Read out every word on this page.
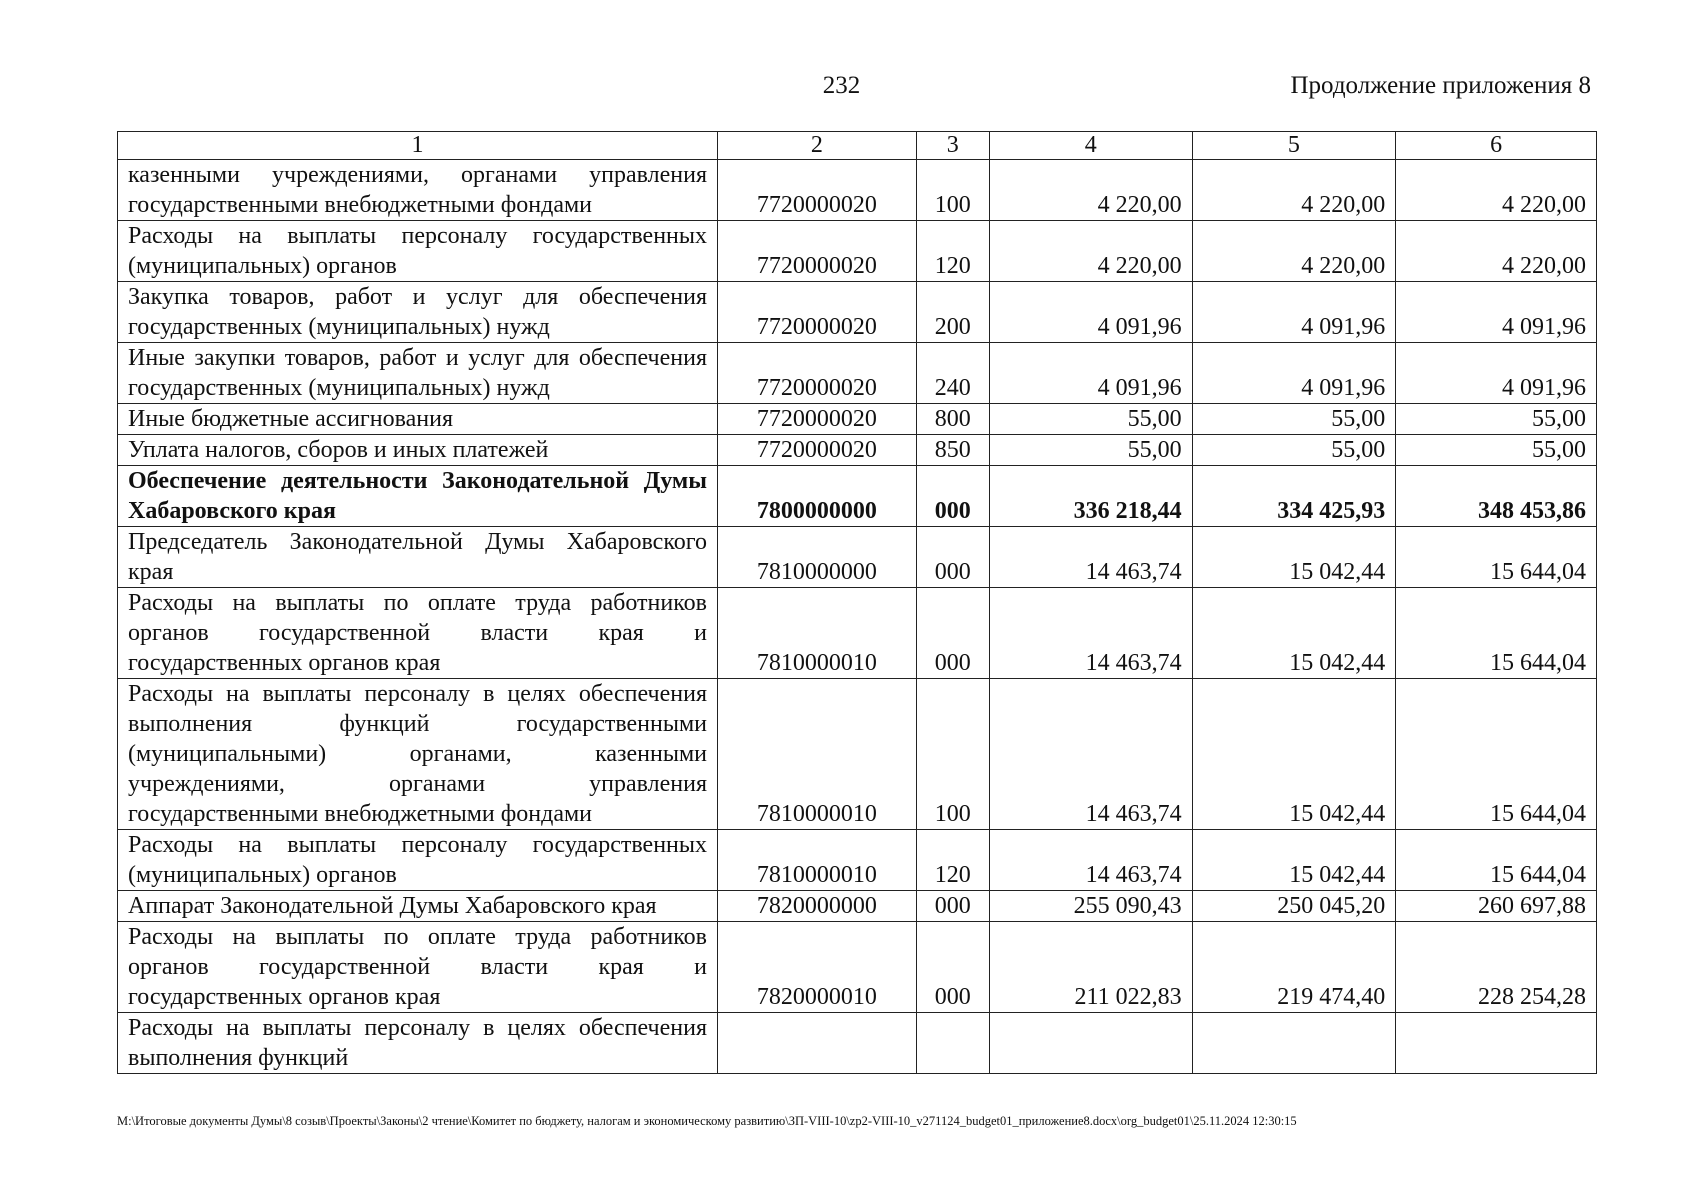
232	Продолжение приложения 8
1	2	3	4	5	6
казенными учреждениями, органами управления государственными внебюджетными фондами	7720000020	100	4 220,00	4 220,00	4 220,00
Расходы на выплаты персоналу государственных (муниципальных) органов	7720000020	120	4 220,00	4 220,00	4 220,00
Закупка товаров, работ и услуг для обеспечения государственных (муниципальных) нужд	7720000020	200	4 091,96	4 091,96	4 091,96
Иные закупки товаров, работ и услуг для обеспечения государственных (муниципальных) нужд	7720000020	240	4 091,96	4 091,96	4 091,96
Иные бюджетные ассигнования	7720000020	800	55,00	55,00	55,00
Уплата налогов, сборов и иных платежей	7720000020	850	55,00	55,00	55,00
Обеспечение деятельности Законодательной Думы Хабаровского края	7800000000	000	336 218,44	334 425,93	348 453,86
Председатель Законодательной Думы Хабаровского края	7810000000	000	14 463,74	15 042,44	15 644,04
Расходы на выплаты по оплате труда работников органов государственной власти края и государственных органов края	7810000010	000	14 463,74	15 042,44	15 644,04
Расходы на выплаты персоналу в целях обеспечения выполнения функций государственными (муниципальными) органами, казенными учреждениями, органами управления государственными внебюджетными фондами	7810000010	100	14 463,74	15 042,44	15 644,04
Расходы на выплаты персоналу государственных (муниципальных) органов	7810000010	120	14 463,74	15 042,44	15 644,04
Аппарат Законодательной Думы Хабаровского края	7820000000	000	255 090,43	250 045,20	260 697,88
Расходы на выплаты по оплате труда работников органов государственной власти края и государственных органов края	7820000010	000	211 022,83	219 474,40	228 254,28
Расходы на выплаты персоналу в целях обеспечения выполнения функций					
M:\Итоговые документы Думы\8 созыв\Проекты\Законы\2 чтение\Комитет по бюджету, налогам и экономическому развитию\ЗП-VIII-10\zp2-VIII-10_v271124_budget01_приложение8.docx\org_budget01\25.11.2024 12:30:15
